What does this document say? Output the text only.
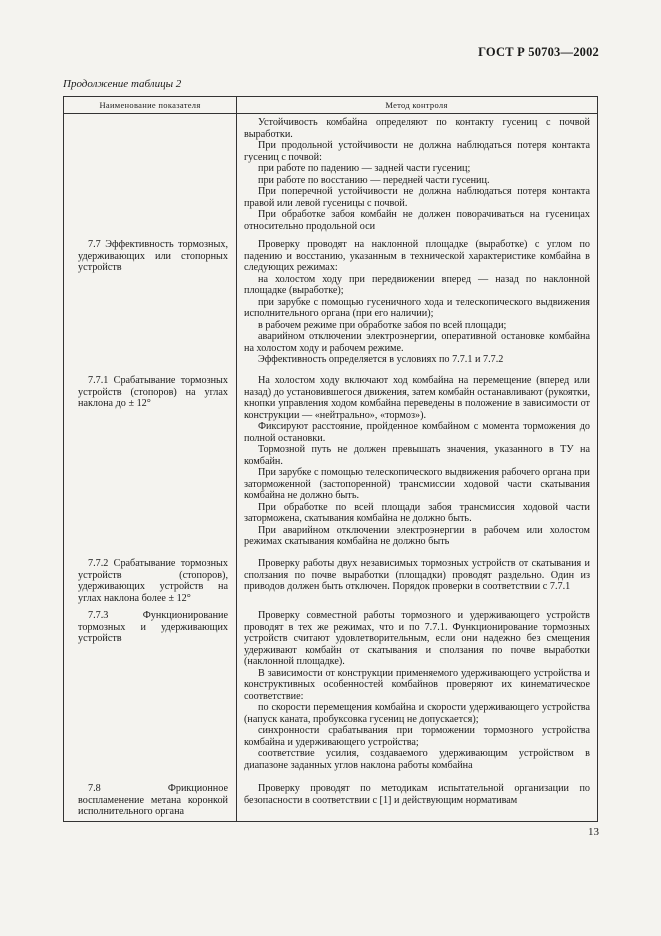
ГОСТ Р 50703—2002
Продолжение таблицы 2
Наименование показателя	Метод контроля

Устойчивость комбайна определяют по контакту гусениц с почвой выработки.

При продольной устойчивости не должна наблюдаться потеря контакта гусениц с почвой:

при работе по падению — задней части гусениц;

при работе по восстанию — передней части гусениц.

При поперечной устойчивости не должна наблюдаться потеря контакта правой или левой гусеницы с почвой.

При обработке забоя комбайн не должен поворачиваться на гусеницах относительно продольной оси

7.7 Эффективность тормозных, удерживающих или стопорных устройств

Проверку проводят на наклонной площадке (выработке) с углом по падению и восстанию, указанным в технической характеристике комбайна в следующих режимах:

на холостом ходу при передвижении вперед — назад по наклонной площадке (выработке);

при зарубке с помощью гусеничного хода и телескопического выдвижения исполнительного органа (при его наличии);

в рабочем режиме при обработке забоя по всей площади;

аварийном отключении электроэнергии, оперативной остановке комбайна на холостом ходу и рабочем режиме.

Эффективность определяется в условиях по 7.7.1 и 7.7.2

7.7.1 Срабатывание тормозных устройств (стопоров) на углах наклона до ± 12°

На холостом ходу включают ход комбайна на перемещение (вперед или назад) до установившегося движения, затем комбайн останавливают (рукоятки, кнопки управления ходом комбайна переведены в положение в зависимости от конструкции — «нейтрально», «тормоз»).

Фиксируют расстояние, пройденное комбайном с момента торможения до полной остановки.

Тормозной путь не должен превышать значения, указанного в ТУ на комбайн.

При зарубке с помощью телескопического выдвижения рабочего органа при заторможенной (застопоренной) трансмиссии ходовой части скатывания комбайна не должно быть.

При обработке по всей площади забоя трансмиссия ходовой части заторможена, скатывания комбайна не должно быть.

При аварийном отключении электроэнергии в рабочем или холостом режимах скатывания комбайна не должно быть

7.7.2 Срабатывание тормозных устройств (стопоров), удерживающих устройств на углах наклона более ± 12°

Проверку работы двух независимых тормозных устройств от скатывания и сползания по почве выработки (площадки) проводят раздельно. Один из приводов должен быть отключен. Порядок проверки в соответствии с 7.7.1

7.7.3 Функционирование тормозных и удерживающих устройств

Проверку совместной работы тормозного и удерживающего устройств проводят в тех же режимах, что и по 7.7.1. Функционирование тормозных устройств считают удовлетворительным, если они надежно без смещения удерживают комбайн от скатывания и сползания по почве выработки (наклонной площадке).

В зависимости от конструкции применяемого удерживающего устройства и конструктивных особенностей комбайнов проверяют их кинематическое соответствие:

по скорости перемещения комбайна и скорости удерживающего устройства (напуск каната, пробуксовка гусениц не допускается);

синхронности срабатывания при торможении тормозного устройства комбайна и удерживающего устройства;

соответствие усилия, создаваемого удерживающим устройством в диапазоне заданных углов наклона работы комбайна

7.8 Фрикционное воспламенение метана коронкой исполнительного органа

Проверку проводят по методикам испытательной организации по безопасности в соответствии с [1] и действующим нормативам

13
